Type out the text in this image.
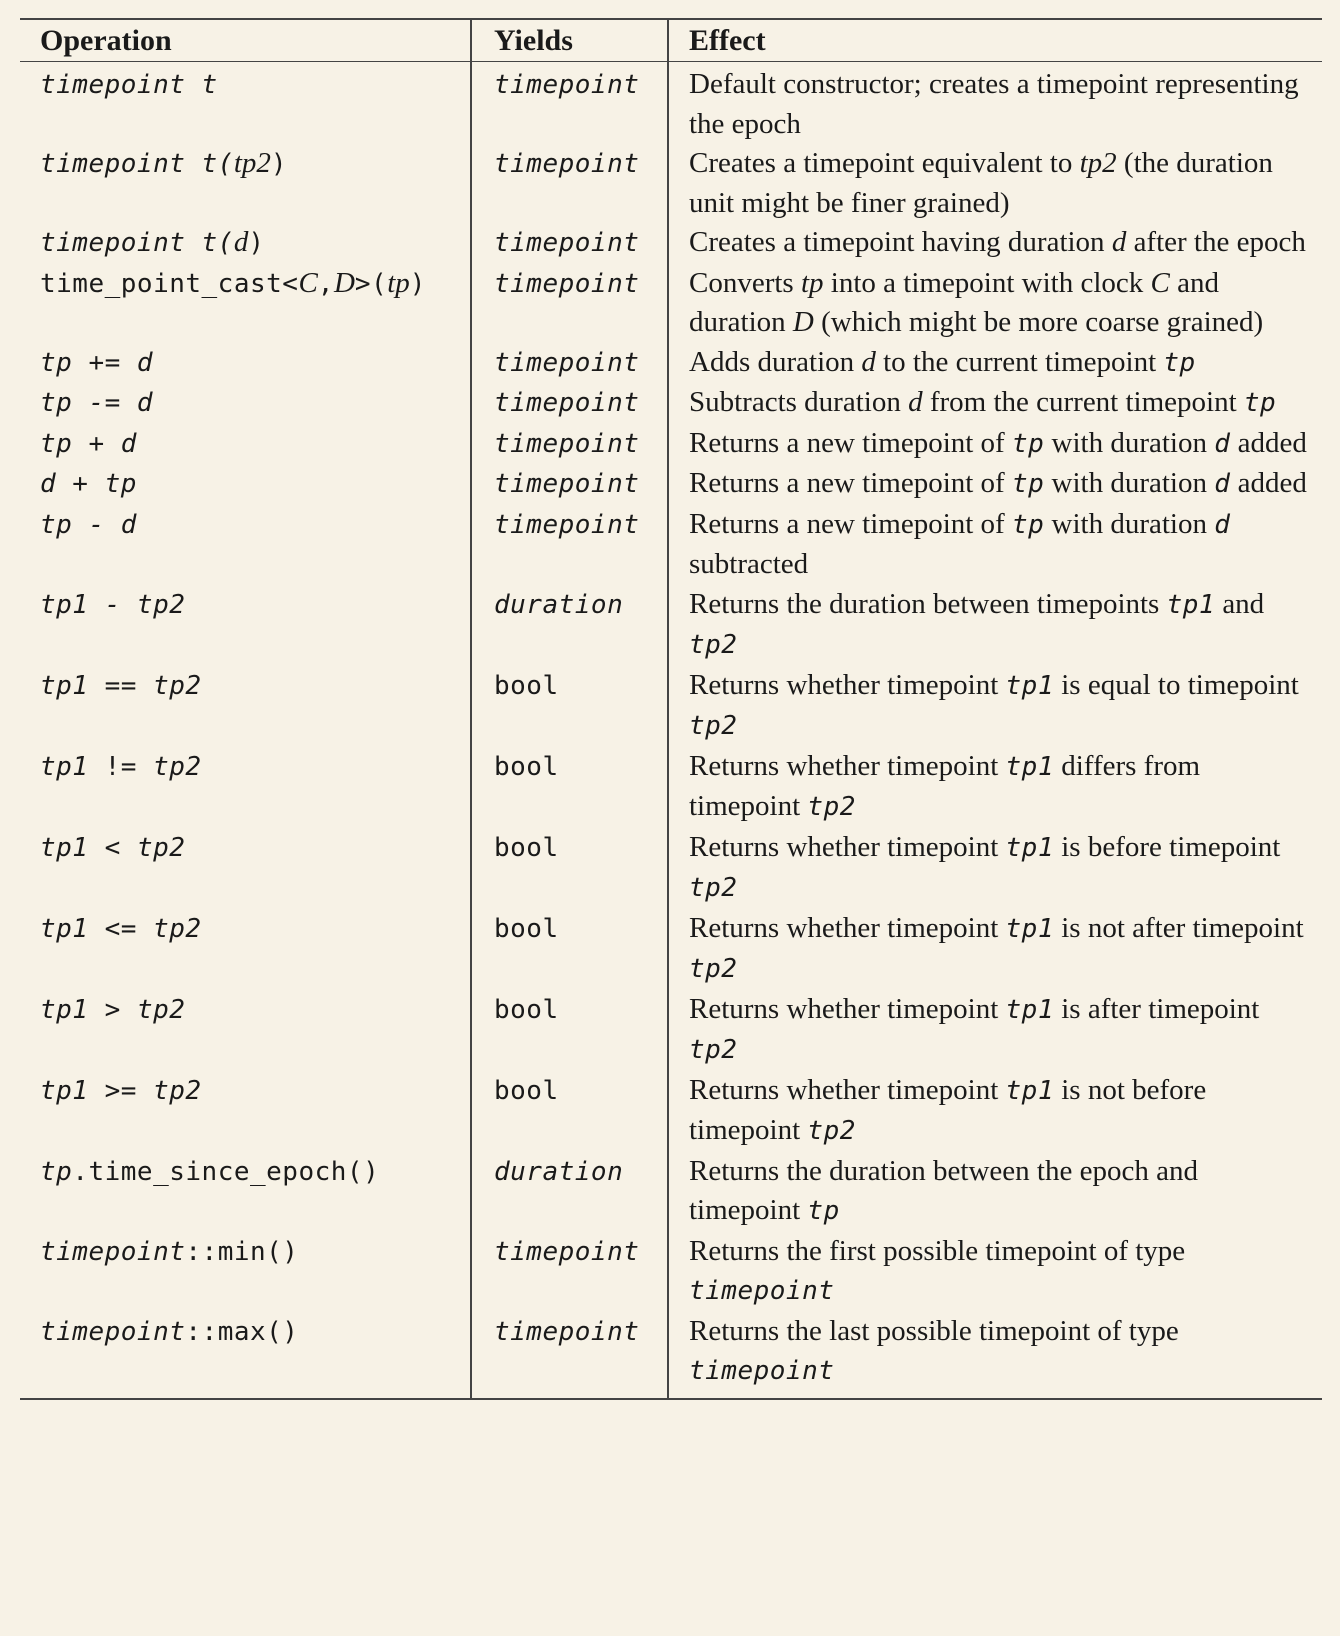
Operation	Yields	Effect

timepoint t	timepoint	Default constructor; creates a timepoint representing the epoch
timepoint t(tp2)	timepoint	Creates a timepoint equivalent to tp2 (the duration unit might be finer grained)
timepoint t(d)	timepoint	Creates a timepoint having duration d after the epoch
time_point_cast<C,D>(tp)	timepoint	Converts tp into a timepoint with clock C and duration D (which might be more coarse grained)
tp += d	timepoint	Adds duration d to the current timepoint tp
tp -= d	timepoint	Subtracts duration d from the current timepoint tp
tp + d	timepoint	Returns a new timepoint of tp with duration d added
d + tp	timepoint	Returns a new timepoint of tp with duration d added
tp - d	timepoint	Returns a new timepoint of tp with duration d subtracted
tp1 - tp2	duration	Returns the duration between timepoints tp1 and tp2
tp1 == tp2	bool	Returns whether timepoint tp1 is equal to timepoint tp2
tp1 != tp2	bool	Returns whether timepoint tp1 differs from timepoint tp2
tp1 < tp2	bool	Returns whether timepoint tp1 is before timepoint tp2
tp1 <= tp2	bool	Returns whether timepoint tp1 is not after timepoint tp2
tp1 > tp2	bool	Returns whether timepoint tp1 is after timepoint tp2
tp1 >= tp2	bool	Returns whether timepoint tp1 is not before timepoint tp2
tp.time_since_epoch()	duration	Returns the duration between the epoch and timepoint tp
timepoint::min()	timepoint	Returns the first possible timepoint of type timepoint
timepoint::max()	timepoint	Returns the last possible timepoint of type timepoint
